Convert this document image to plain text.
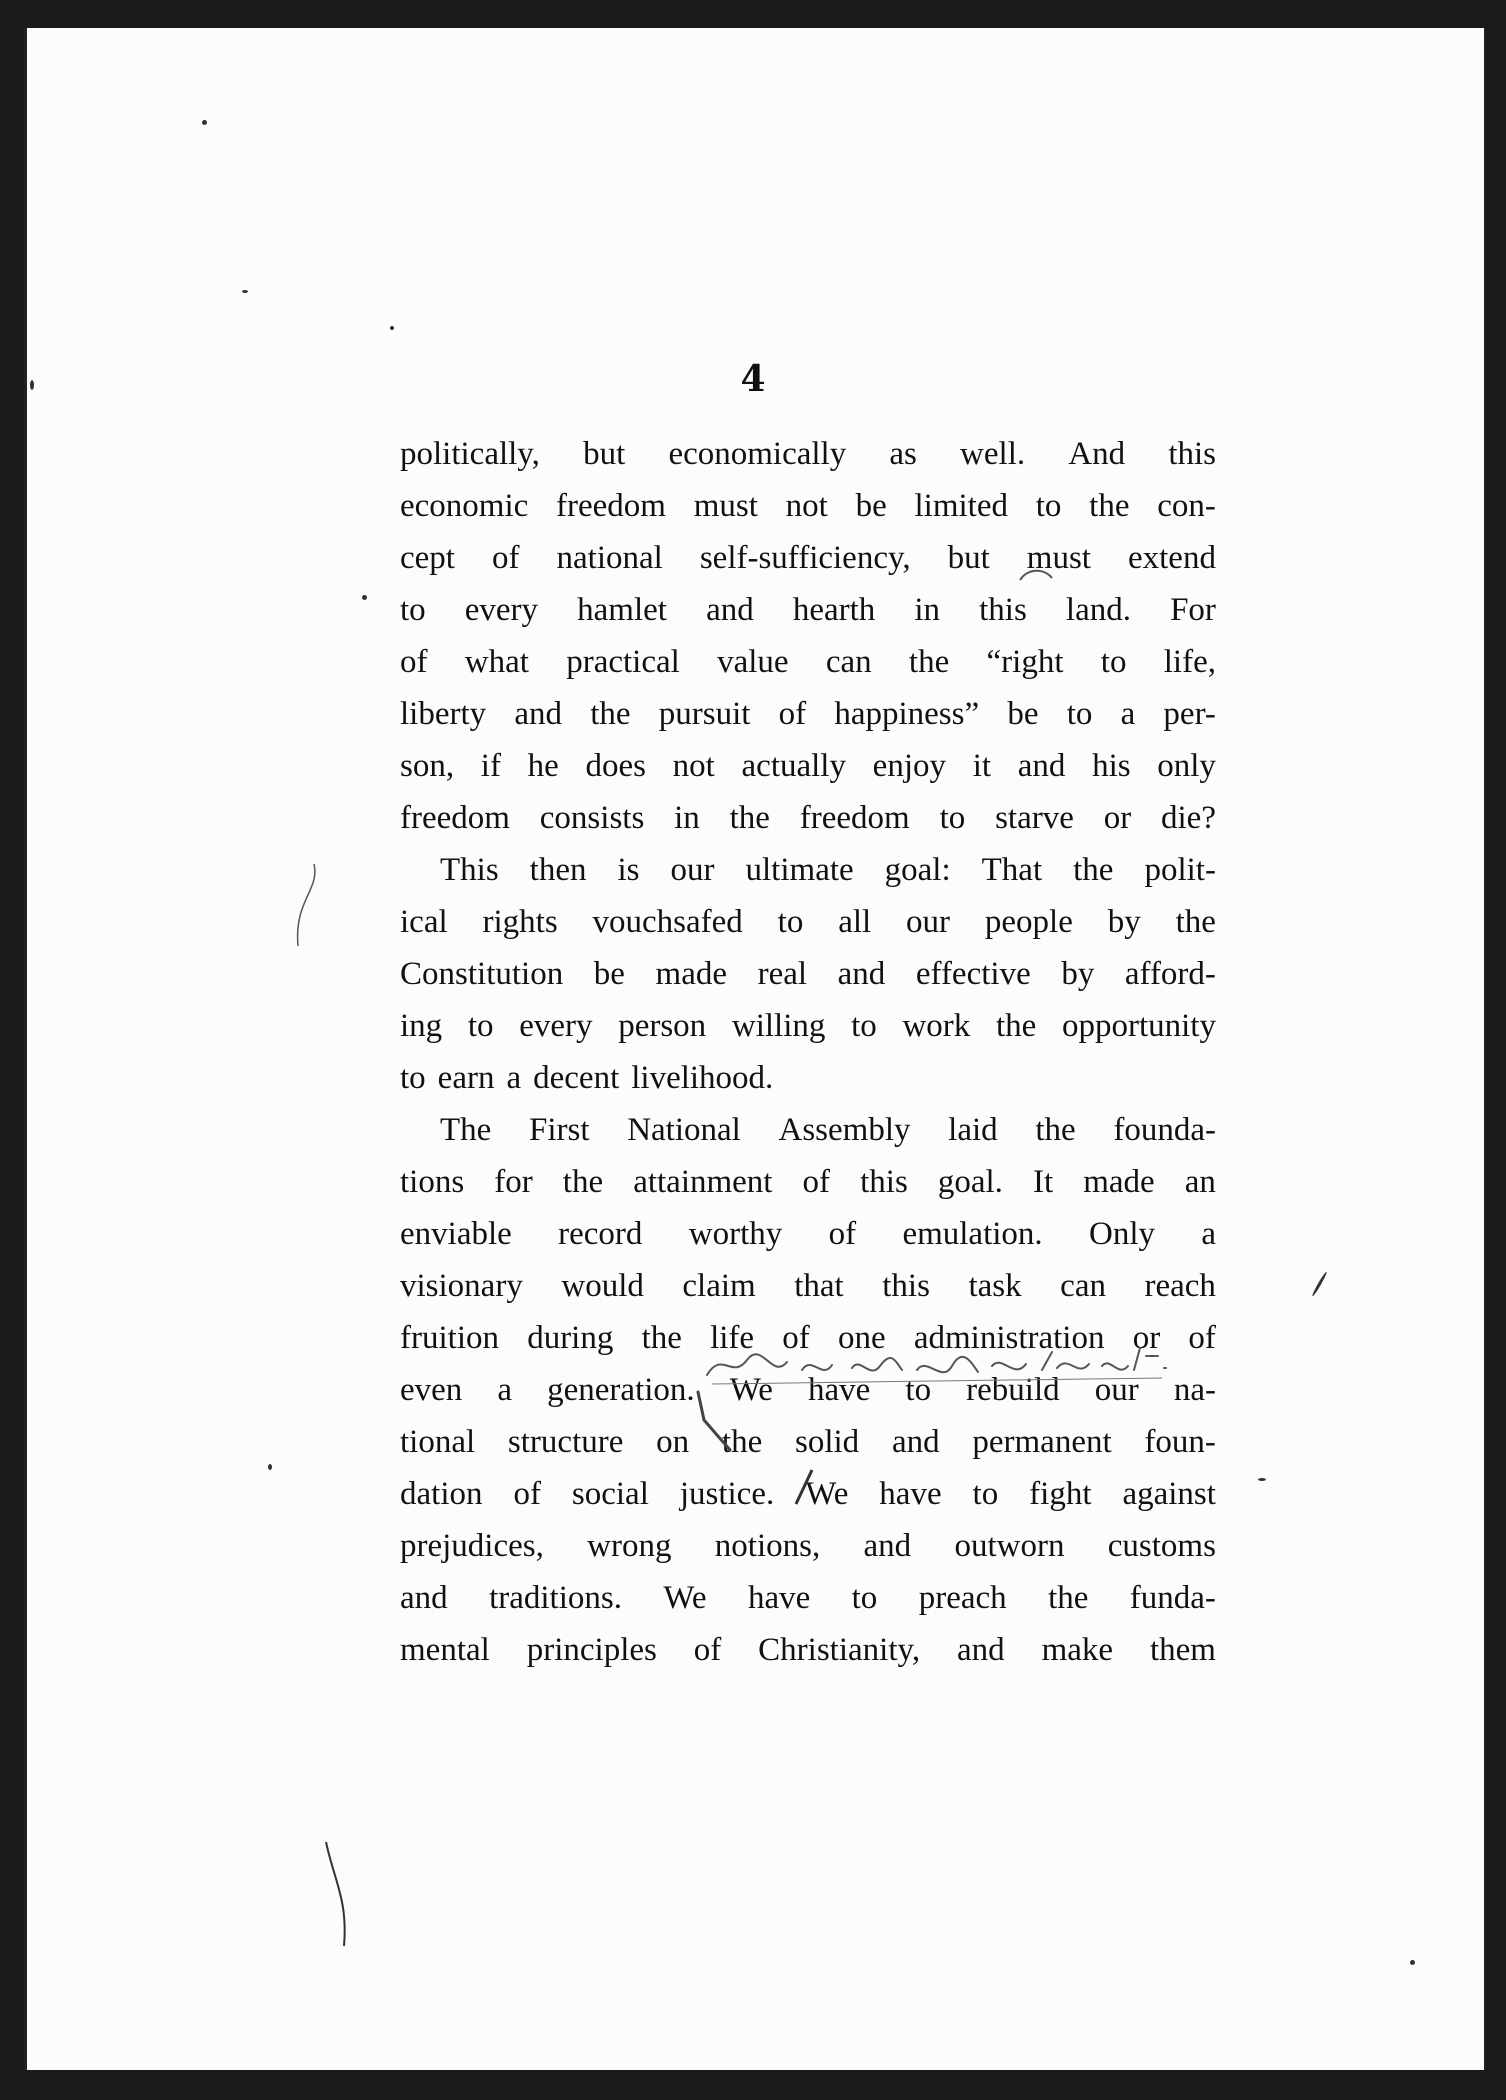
4
politically, but economically as well. And this
economic freedom must not be limited to the con-
cept of national self-sufficiency, but must extend
to every hamlet and hearth in this land. For
of what practical value can the “right to life,
liberty and the pursuit of happiness” be to a per-
son, if he does not actually enjoy it and his only
freedom consists in the freedom to starve or die?
This then is our ultimate goal: That the polit-
ical rights vouchsafed to all our people by the
Constitution be made real and effective by afford-
ing to every person willing to work the opportunity
to earn a decent livelihood.
The First National Assembly laid the founda-
tions for the attainment of this goal. It made an
enviable record worthy of emulation. Only a
visionary would claim that this task can reach
fruition during the life of one administration or of
even a generation. We have to rebuild our na-
tional structure on the solid and permanent foun-
dation of social justice. We have to fight against
prejudices, wrong notions, and outworn customs
and traditions. We have to preach the funda-
mental principles of Christianity, and make them
